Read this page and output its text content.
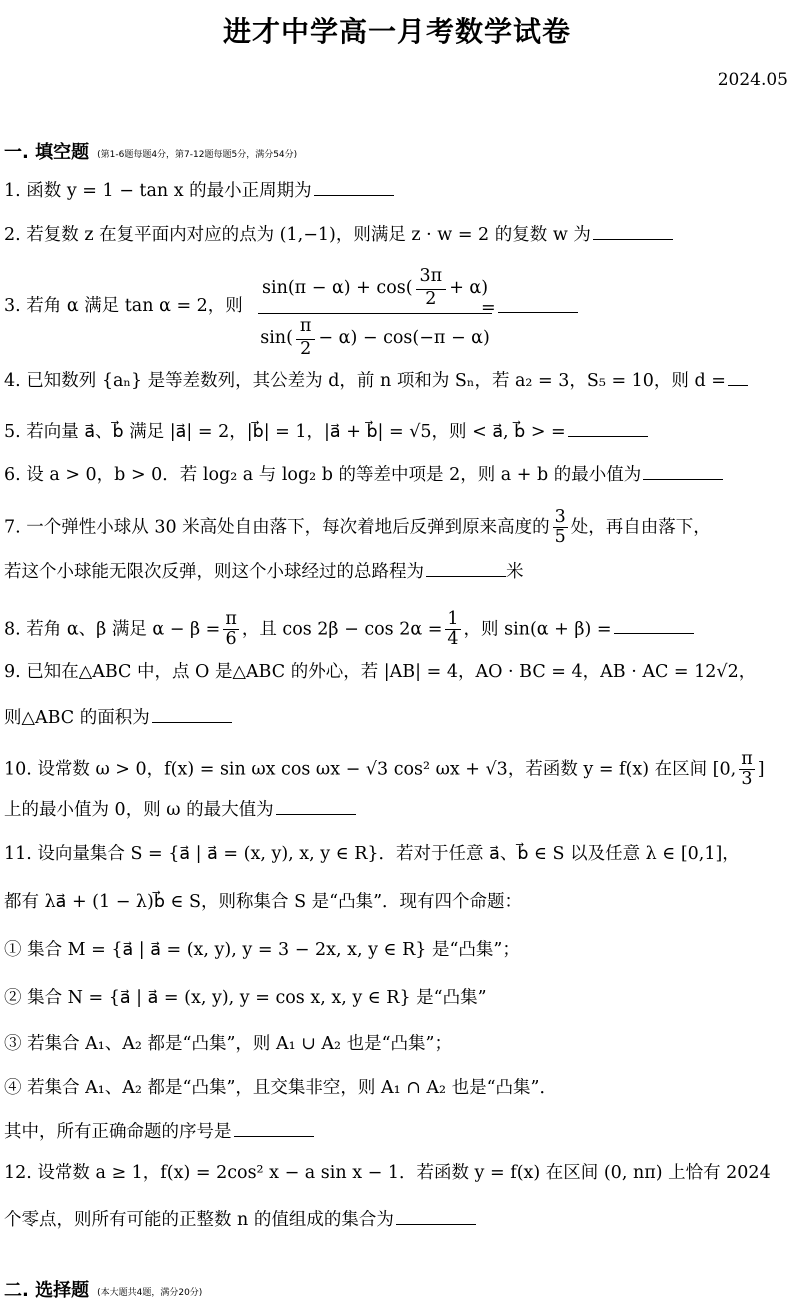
进才中学高一月考数学试卷
2024.05
一. 填空题 (第1-6题每题4分，第7-12题每题5分，满分54分)
1. 函数 y = 1 − tan x 的最小正周期为
2. 若复数 z 在复平面内对应的点为 (1,−1)，则满足 z · w = 2 的复数 w 为
3. 若角 α 满足 tan α = 2，则 $\frac{\sin(\pi - \alpha) + \cos( \frac{3\pi}{2} + \alpha)}{\sin( \frac{\pi}{2} - \alpha) - \cos(-\pi - \alpha)}$
=
4. 已知数列 {aₙ} 是等差数列，其公差为 d，前 n 项和为 Sₙ，若 a₂ = 3，S₅ = 10，则 d =
5. 若向量 a⃗、b⃗ 满足 |a⃗| = 2，|b⃗| = 1，|a⃗ + b⃗| = √5，则 < a⃗, b⃗ > =
6. 设 a > 0，b > 0．若 log₂ a 与 log₂ b 的等差中项是 2，则 a + b 的最小值为
7. 一个弹性小球从 30 米高处自由落下，每次着地后反弹到原来高度的 $\frac{3}{5}$ 处，再自由落下，
若这个小球能无限次反弹，则这个小球经过的总路程为	米
8. 若角 α、β 满足 $\alpha - \beta = \frac{\pi}{6}$ ，且 $\cos 2\beta - \cos 2\alpha = \frac{1}{4}$ ，则 sin(α + β) =
9. 已知在△ABC 中，点 O 是△ABC 的外心，若 |AB| = 4，AO · BC = 4，AB · AC = 12√2，
则△ABC 的面积为
10. 设常数 ω > 0，f(x) = sin ωx cos ωx − √3 cos² ωx + √3，若函数 y = f(x) 在区间 [0, $\frac{\pi}{3}$ ]
上的最小值为 0，则 ω 的最大值为
11. 设向量集合 S = {a⃗ | a⃗ = (x, y), x, y ∈ R}．若对于任意 a⃗、b⃗ ∈ S 以及任意 λ ∈ [0,1]，
都有 λa⃗ + (1 − λ)b⃗ ∈ S，则称集合 S 是“凸集”．现有四个命题：
① 集合 M = {a⃗ | a⃗ = (x, y), y = 3 − 2x, x, y ∈ R} 是“凸集”；
② 集合 N = {a⃗ | a⃗ = (x, y), y = cos x, x, y ∈ R} 是“凸集”
③ 若集合 A₁、A₂ 都是“凸集”，则 A₁ ∪ A₂ 也是“凸集”；
④ 若集合 A₁、A₂ 都是“凸集”，且交集非空，则 A₁ ∩ A₂ 也是“凸集”．
其中，所有正确命题的序号是
12. 设常数 a ≥ 1，f(x) = 2cos² x − a sin x − 1．若函数 y = f(x) 在区间 (0, nπ) 上恰有 2024
个零点，则所有可能的正整数 n 的值组成的集合为
二. 选择题 (本大题共4题，满分20分)
